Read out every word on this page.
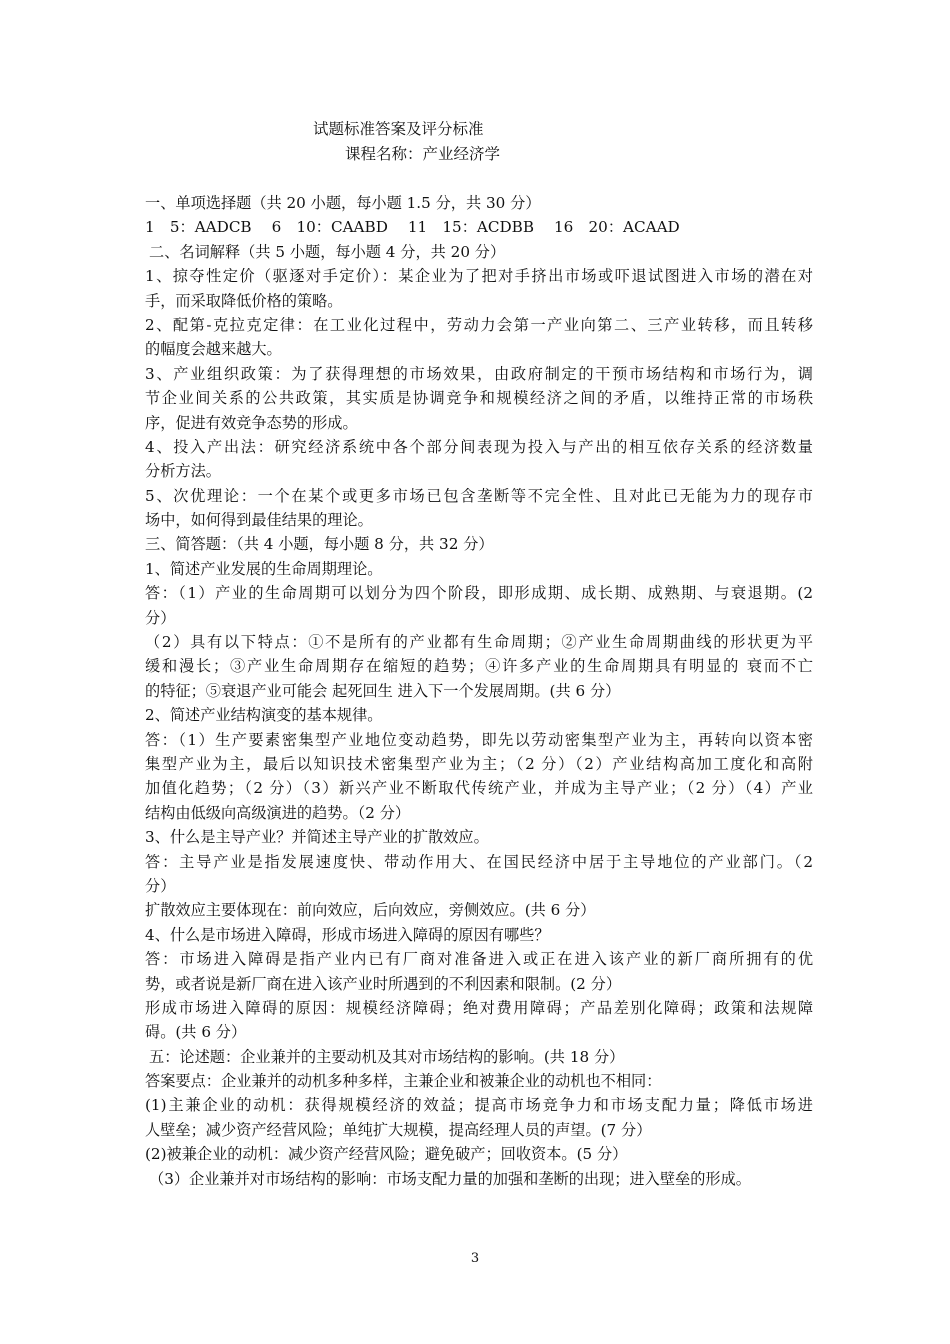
试题标准答案及评分标准
课程名称：产业经济学
一、单项选择题（共 20 小题，每小题 1.5 分，共 30 分）
1　5：AADCB　 6　10：CAABD　 11　15：ACDBB　 16　20：ACAAD
二、名词解释（共 5 小题，每小题 4 分，共 20 分）
1、掠夺性定价（驱逐对手定价）：某企业为了把对手挤出市场或吓退试图进入市场的潜在对
手，而采取降低价格的策略。
2、配第-克拉克定律：在工业化过程中，劳动力会第一产业向第二、三产业转移，而且转移
的幅度会越来越大。
3、产业组织政策：为了获得理想的市场效果，由政府制定的干预市场结构和市场行为，调
节企业间关系的公共政策，其实质是协调竞争和规模经济之间的矛盾，以维持正常的市场秩
序，促进有效竞争态势的形成。
4、投入产出法：研究经济系统中各个部分间表现为投入与产出的相互依存关系的经济数量
分析方法。
5、次优理论：一个在某个或更多市场已包含垄断等不完全性、且对此已无能为力的现存市
场中，如何得到最佳结果的理论。
三、简答题：（共 4 小题，每小题 8 分，共 32 分）
1、简述产业发展的生命周期理论。
答：（1）产业的生命周期可以划分为四个阶段，即形成期、成长期、成熟期、与衰退期。(2
分）
（2）具有以下特点：①不是所有的产业都有生命周期；②产业生命周期曲线的形状更为平
缓和漫长；③产业生命周期存在缩短的趋势；④许多产业的生命周期具有明显的 衰而不亡
的特征；⑤衰退产业可能会 起死回生 进入下一个发展周期。(共 6 分）
2、简述产业结构演变的基本规律。
答：（1）生产要素密集型产业地位变动趋势，即先以劳动密集型产业为主，再转向以资本密
集型产业为主，最后以知识技术密集型产业为主；（2 分）（2）产业结构高加工度化和高附
加值化趋势；（2 分）（3）新兴产业不断取代传统产业，并成为主导产业；（2 分）（4）产业
结构由低级向高级演进的趋势。（2 分）
3、什么是主导产业？并简述主导产业的扩散效应。
答：主导产业是指发展速度快、带动作用大、在国民经济中居于主导地位的产业部门。（2
分）
扩散效应主要体现在：前向效应，后向效应，旁侧效应。(共 6 分）
4、什么是市场进入障碍，形成市场进入障碍的原因有哪些？
答：市场进入障碍是指产业内已有厂商对准备进入或正在进入该产业的新厂商所拥有的优
势，或者说是新厂商在进入该产业时所遇到的不利因素和限制。(2 分）
形成市场进入障碍的原因：规模经济障碍；绝对费用障碍；产品差别化障碍；政策和法规障
碍。(共 6 分）
五：论述题：企业兼并的主要动机及其对市场结构的影响。(共 18 分）
答案要点：企业兼并的动机多种多样，主兼企业和被兼企业的动机也不相同：
(1)主兼企业的动机：获得规模经济的效益；提高市场竞争力和市场支配力量；降低市场进
人壁垒；减少资产经营风险；单纯扩大规模，提高经理人员的声望。(7 分）
(2)被兼企业的动机：减少资产经营风险；避免破产；回收资本。(5 分）
（3）企业兼并对市场结构的影响：市场支配力量的加强和垄断的出现；进入壁垒的形成。
3
